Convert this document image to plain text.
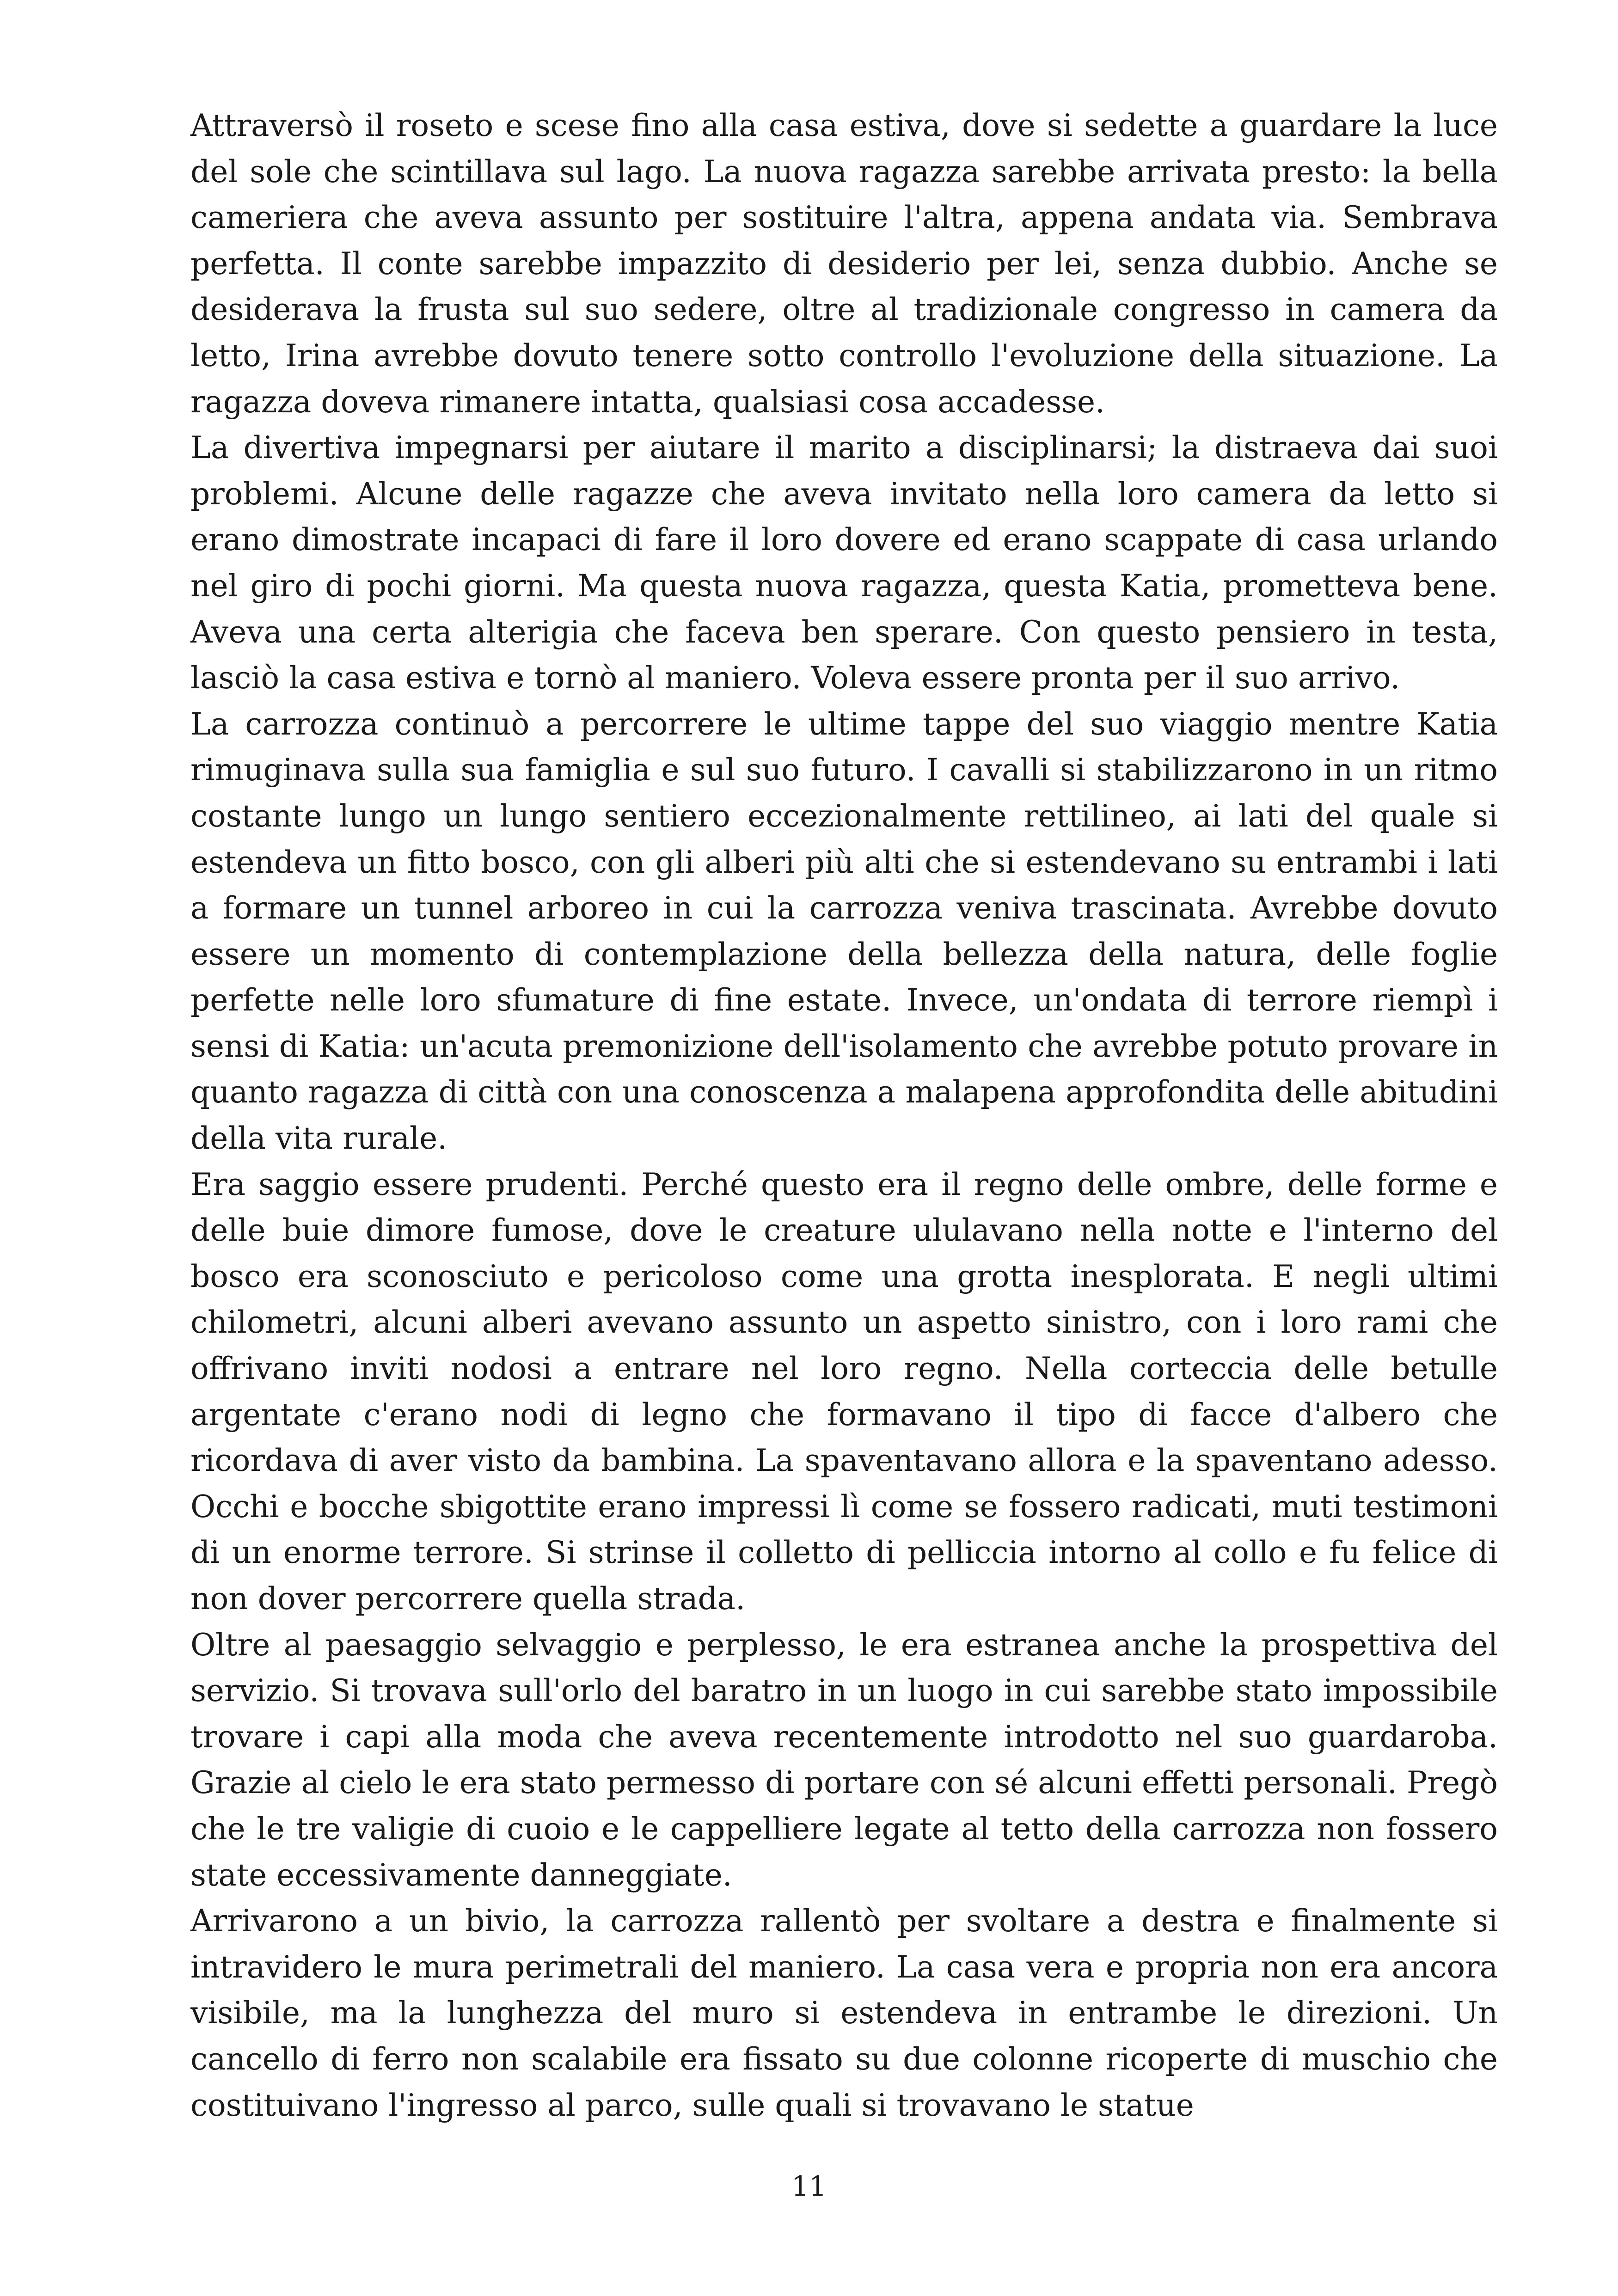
Attraversò il roseto e scese fino alla casa estiva, dove si sedette a guardare la luce del sole che scintillava sul lago. La nuova ragazza sarebbe arrivata presto: la bella cameriera che aveva assunto per sostituire l'altra, appena andata via. Sembrava perfetta. Il conte sarebbe impazzito di desiderio per lei, senza dubbio. Anche se desiderava la frusta sul suo sedere, oltre al tradizionale congresso in camera da letto, Irina avrebbe dovuto tenere sotto controllo l'evoluzione della situazione. La ragazza doveva rimanere intatta, qualsiasi cosa accadesse.

La divertiva impegnarsi per aiutare il marito a disciplinarsi; la distraeva dai suoi problemi. Alcune delle ragazze che aveva invitato nella loro camera da letto si erano dimostrate incapaci di fare il loro dovere ed erano scappate di casa urlando nel giro di pochi giorni. Ma questa nuova ragazza, questa Katia, prometteva bene. Aveva una certa alterigia che faceva ben sperare. Con questo pensiero in testa, lasciò la casa estiva e tornò al maniero. Voleva essere pronta per il suo arrivo.

La carrozza continuò a percorrere le ultime tappe del suo viaggio mentre Katia rimuginava sulla sua famiglia e sul suo futuro. I cavalli si stabilizzarono in un ritmo costante lungo un lungo sentiero eccezionalmente rettilineo, ai lati del quale si estendeva un fitto bosco, con gli alberi più alti che si estendevano su entrambi i lati a formare un tunnel arboreo in cui la carrozza veniva trascinata. Avrebbe dovuto essere un momento di contemplazione della bellezza della natura, delle foglie perfette nelle loro sfumature di fine estate. Invece, un'ondata di terrore riempì i sensi di Katia: un'acuta premonizione dell'isolamento che avrebbe potuto provare in quanto ragazza di città con una conoscenza a malapena approfondita delle abitudini della vita rurale.

Era saggio essere prudenti. Perché questo era il regno delle ombre, delle forme e delle buie dimore fumose, dove le creature ululavano nella notte e l'interno del bosco era sconosciuto e pericoloso come una grotta inesplorata. E negli ultimi chilometri, alcuni alberi avevano assunto un aspetto sinistro, con i loro rami che offrivano inviti nodosi a entrare nel loro regno. Nella corteccia delle betulle argentate c'erano nodi di legno che formavano il tipo di facce d'albero che ricordava di aver visto da bambina. La spaventavano allora e la spaventano adesso. Occhi e bocche sbigottite erano impressi lì come se fossero radicati, muti testimoni di un enorme terrore. Si strinse il colletto di pelliccia intorno al collo e fu felice di non dover percorrere quella strada.

Oltre al paesaggio selvaggio e perplesso, le era estranea anche la prospettiva del servizio. Si trovava sull'orlo del baratro in un luogo in cui sarebbe stato impossibile trovare i capi alla moda che aveva recentemente introdotto nel suo guardaroba. Grazie al cielo le era stato permesso di portare con sé alcuni effetti personali. Pregò che le tre valigie di cuoio e le cappelliere legate al tetto della carrozza non fossero state eccessivamente danneggiate.

Arrivarono a un bivio, la carrozza rallentò per svoltare a destra e finalmente si intravidero le mura perimetrali del maniero. La casa vera e propria non era ancora visibile, ma la lunghezza del muro si estendeva in entrambe le direzioni. Un cancello di ferro non scalabile era fissato su due colonne ricoperte di muschio che costituivano l'ingresso al parco, sulle quali si trovavano le statue

11
